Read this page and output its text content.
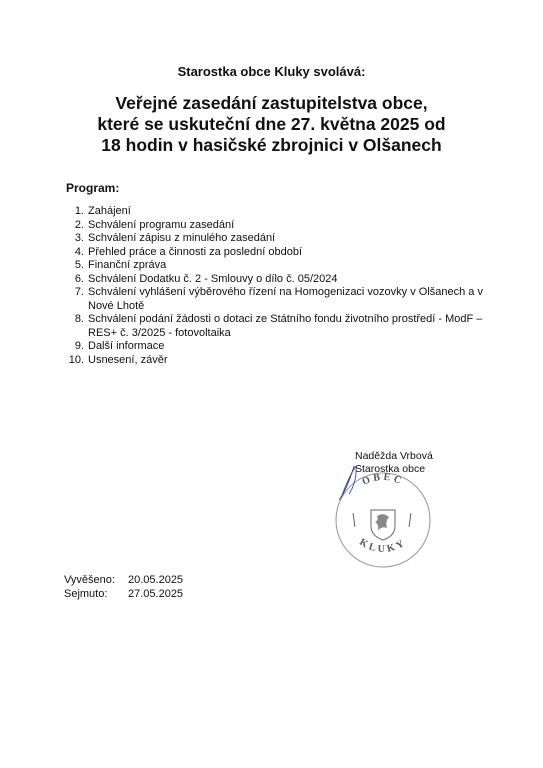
Starostka obce Kluky svolává:
Veřejné zasedání zastupitelstva obce,
které se uskuteční dne 27. května 2025 od
18 hodin v hasičské zbrojnici v Olšanech
Program:
1. Zahájení
2. Schválení programu zasedání
3. Schválení zápisu z minulého zasedání
4. Přehled práce a činnosti za poslední období
5. Finanční zpráva
6. Schválení Dodatku č. 2 - Smlouvy o dílo č. 05/2024
7. Schválení vyhlášení výběrového řízení na Homogenizaci vozovky v Olšanech a v Nové Lhotě
8. Schválení podání žádosti o dotaci ze Státního fondu životního prostředí - ModF – RES+ č. 3/2025 - fotovoltaika
9. Další informace
10. Usnesení, závěr
Naděžda Vrbová
Starostka obce
OBEC
KLUKY
Vyvěšeno:	20.05.2025
Sejmuto:	27.05.2025
